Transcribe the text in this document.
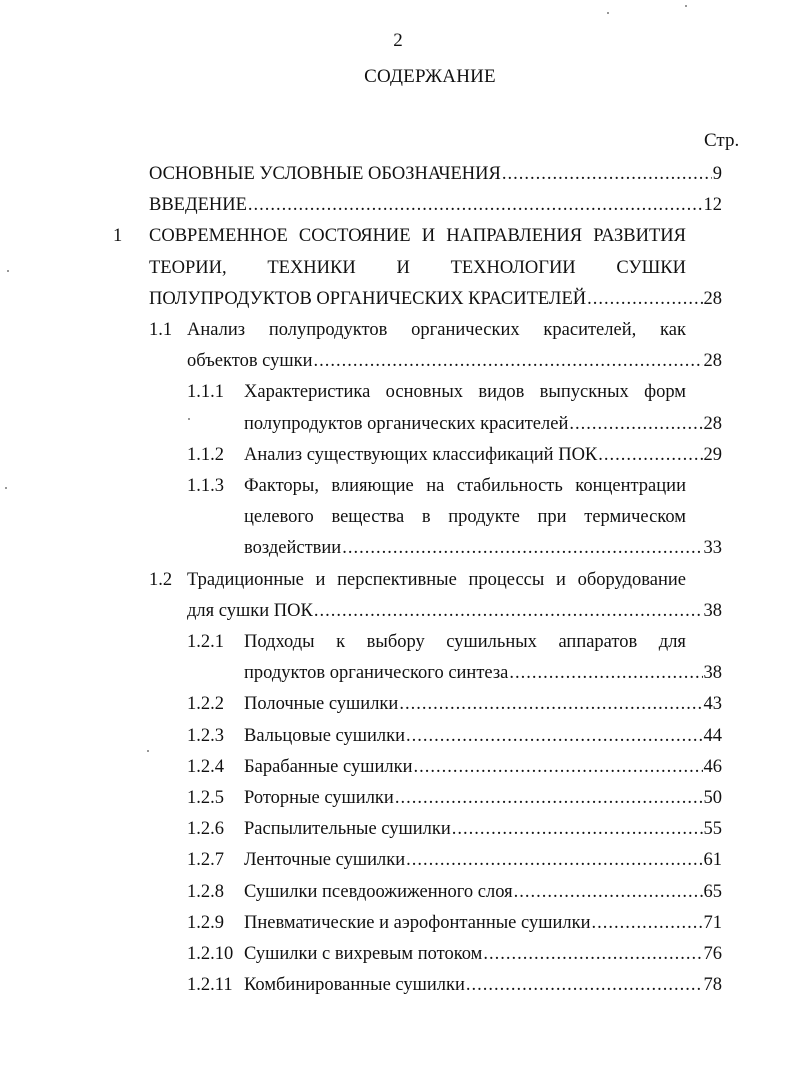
2
СОДЕРЖАНИЕ
Стр.
ОСНОВНЫЕ УСЛОВНЫЕ ОБОЗНАЧЕНИЯ .....	9
ВВЕДЕНИЕ .....	12
1 СОВРЕМЕННОЕ СОСТОЯНИЕ И НАПРАВЛЕНИЯ РАЗВИТИЯ
ТЕОРИИ, ТЕХНИКИ И ТЕХНОЛОГИИ СУШКИ
ПОЛУПРОДУКТОВ ОРГАНИЧЕСКИХ КРАСИТЕЛЕЙ .....	28
1.1 Анализ полупродуктов органических красителей, как
объектов сушки .....	28
1.1.1 Характеристика основных видов выпускных форм
полупродуктов органических красителей .....	28
1.1.2 Анализ существующих классификаций ПОК .....	29
1.1.3 Факторы, влияющие на стабильность концентрации
целевого вещества в продукте при термическом
воздействии .....	33
1.2 Традиционные и перспективные процессы и оборудование
для сушки ПОК .....	38
1.2.1 Подходы к выбору сушильных аппаратов для
продуктов органического синтеза .....	38
1.2.2 Полочные сушилки .....	43
1.2.3 Вальцовые сушилки .....	44
1.2.4 Барабанные сушилки .....	46
1.2.5 Роторные сушилки .....	50
1.2.6 Распылительные сушилки .....	55
1.2.7 Ленточные сушилки .....	61
1.2.8 Сушилки псевдоожиженного слоя .....	65
1.2.9 Пневматические и аэрофонтанные сушилки .....	71
1.2.10 Сушилки с вихревым потоком .....	76
1.2.11 Комбинированные сушилки .....	78
